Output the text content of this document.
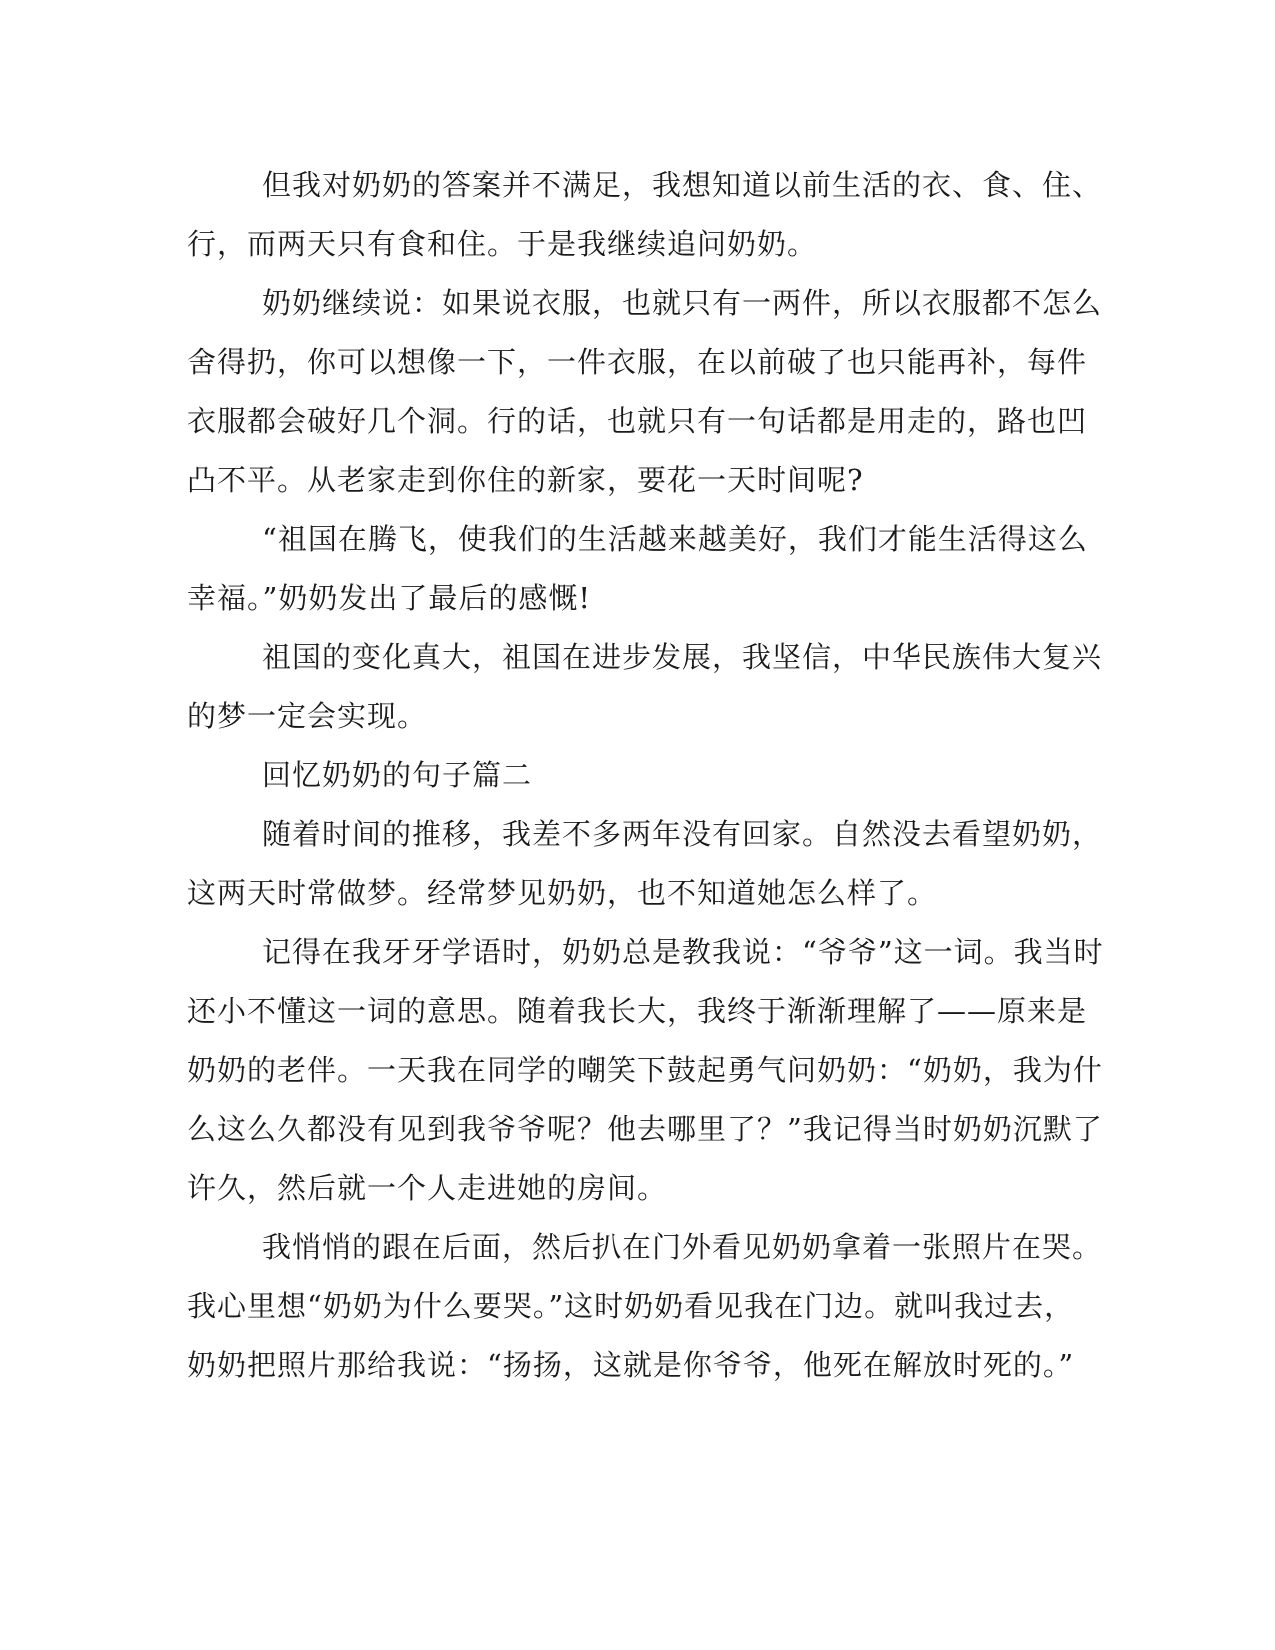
但我对奶奶的答案并不满足，我想知道以前生活的衣、食、住、
行，而两天只有食和住。于是我继续追问奶奶。
奶奶继续说：如果说衣服，也就只有一两件，所以衣服都不怎么
舍得扔，你可以想像一下，一件衣服，在以前破了也只能再补，每件
衣服都会破好几个洞。行的话，也就只有一句话都是用走的，路也凹
凸不平。从老家走到你住的新家，要花一天时间呢?
“祖国在腾飞，使我们的生活越来越美好，我们才能生活得这么
幸福。”奶奶发出了最后的感慨!
祖国的变化真大，祖国在进步发展，我坚信，中华民族伟大复兴
的梦一定会实现。
回忆奶奶的句子篇二
随着时间的推移，我差不多两年没有回家。自然没去看望奶奶，
这两天时常做梦。经常梦见奶奶，也不知道她怎么样了。
记得在我牙牙学语时，奶奶总是教我说：“爷爷”这一词。我当时
还小不懂这一词的意思。随着我长大，我终于渐渐理解了——原来是
奶奶的老伴。一天我在同学的嘲笑下鼓起勇气问奶奶：“奶奶，我为什
么这么久都没有见到我爷爷呢？他去哪里了？”我记得当时奶奶沉默了
许久，然后就一个人走进她的房间。
我悄悄的跟在后面，然后扒在门外看见奶奶拿着一张照片在哭。
我心里想“奶奶为什么要哭。”这时奶奶看见我在门边。就叫我过去，
奶奶把照片那给我说：“扬扬，这就是你爷爷，他死在解放时死的。”
